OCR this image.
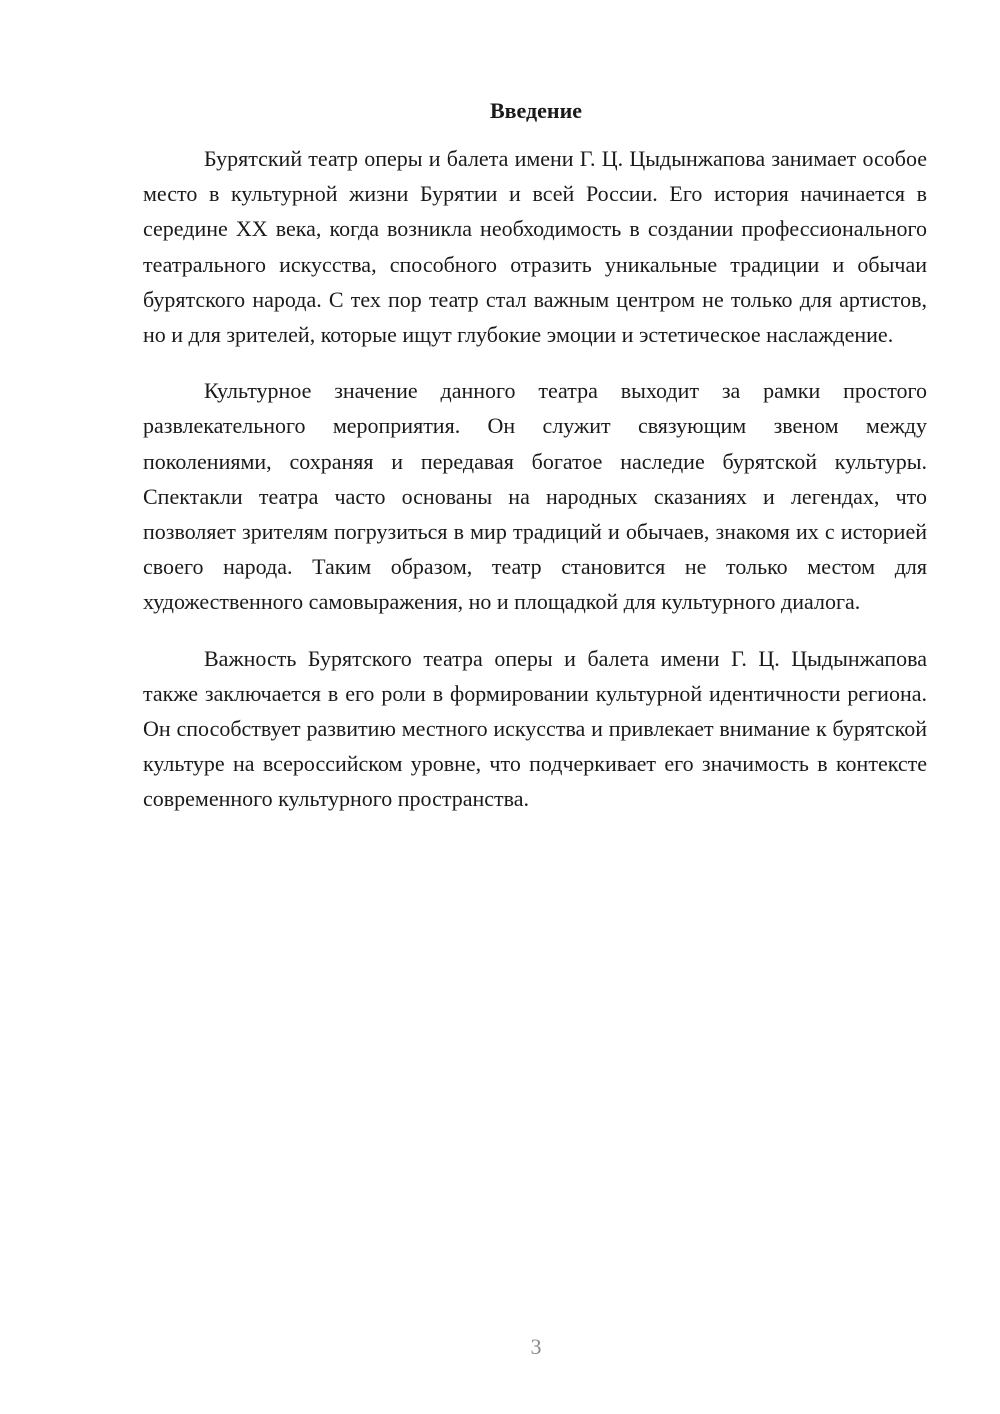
Введение

Бурятский театр оперы и балета имени Г. Ц. Цыдынжапова занимает особое место в культурной жизни Бурятии и всей России. Его история начинается в середине XX века, когда возникла необходимость в создании профессионального театрального искусства, способного отразить уникальные традиции и обычаи бурятского народа. С тех пор театр стал важным центром не только для артистов, но и для зрителей, которые ищут глубокие эмоции и эстетическое наслаждение.

Культурное значение данного театра выходит за рамки простого развлекательного мероприятия. Он служит связующим звеном между поколениями, сохраняя и передавая богатое наследие бурятской культуры. Спектакли театра часто основаны на народных сказаниях и легендах, что позволяет зрителям погрузиться в мир традиций и обычаев, знакомя их с историей своего народа. Таким образом, театр становится не только местом для художественного самовыражения, но и площадкой для культурного диалога.

Важность Бурятского театра оперы и балета имени Г. Ц. Цыдынжапова также заключается в его роли в формировании культурной идентичности региона. Он способствует развитию местного искусства и привлекает внимание к бурятской культуре на всероссийском уровне, что подчеркивает его значимость в контексте современного культурного пространства.

3
